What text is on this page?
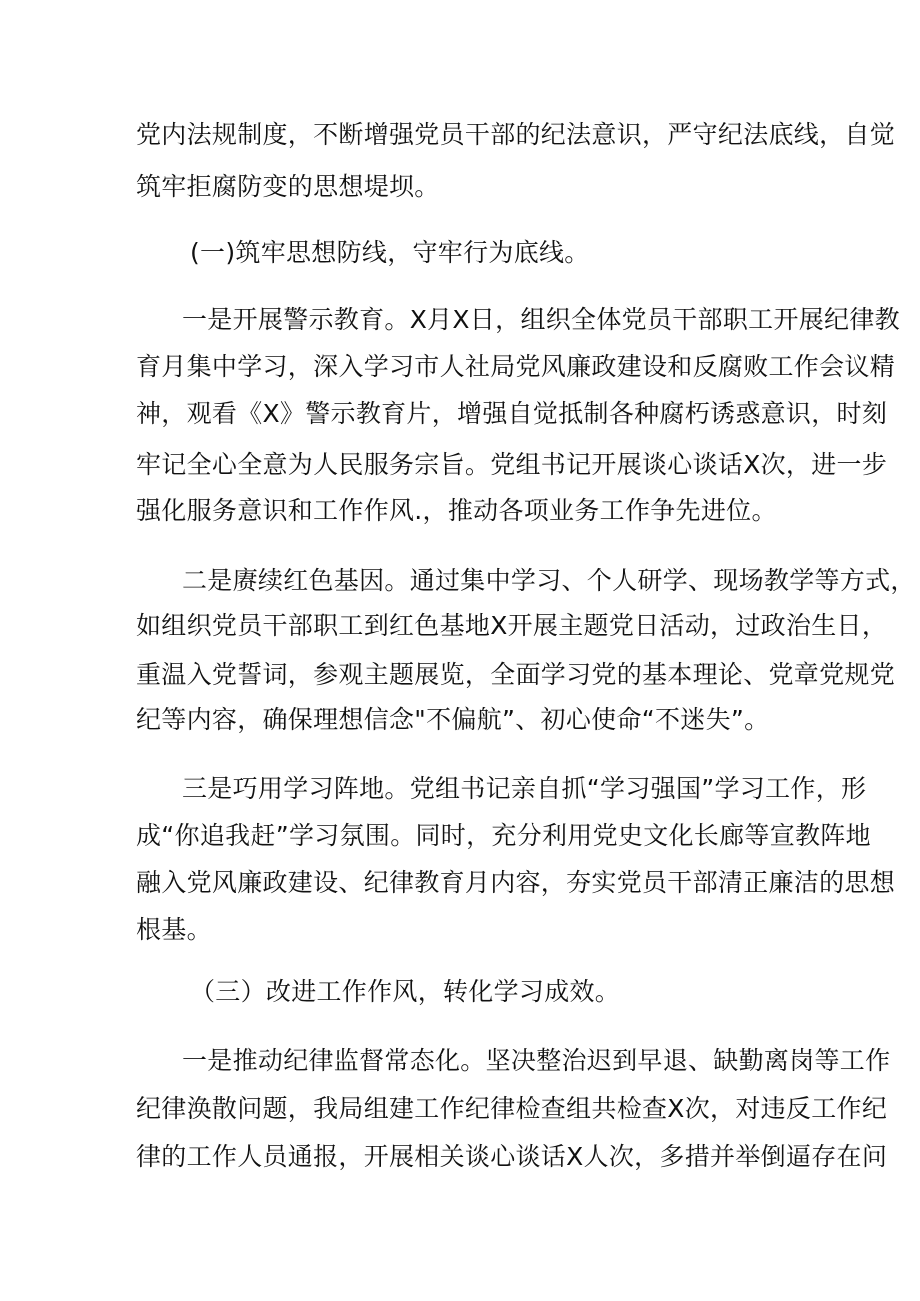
党内法规制度，不断增强党员干部的纪法意识，严守纪法底线，自觉
筑牢拒腐防变的思想堤坝。
(一)筑牢思想防线，守牢行为底线。
一是开展警示教育。X月X日，组织全体党员干部职工开展纪律教
育月集中学习，深入学习市人社局党风廉政建设和反腐败工作会议精
神，观看《X》警示教育片，增强自觉抵制各种腐朽诱惑意识，时刻
牢记全心全意为人民服务宗旨。党组书记开展谈心谈话X次，进一步
强化服务意识和工作作风.，推动各项业务工作争先进位。
二是赓续红色基因。通过集中学习、个人研学、现场教学等方式，
如组织党员干部职工到红色基地X开展主题党日活动，过政治生日，
重温入党誓词，参观主题展览，全面学习党的基本理论、党章党规党
纪等内容，确保理想信念"不偏航”、初心使命“不迷失”。
三是巧用学习阵地。党组书记亲自抓“学习强国”学习工作，形
成“你追我赶”学习氛围。同时，充分利用党史文化长廊等宣教阵地
融入党风廉政建设、纪律教育月内容，夯实党员干部清正廉洁的思想
根基。
（三）改进工作作风，转化学习成效。
一是推动纪律监督常态化。坚决整治迟到早退、缺勤离岗等工作
纪律涣散问题，我局组建工作纪律检查组共检查X次，对违反工作纪
律的工作人员通报，开展相关谈心谈话X人次，多措并举倒逼存在问
